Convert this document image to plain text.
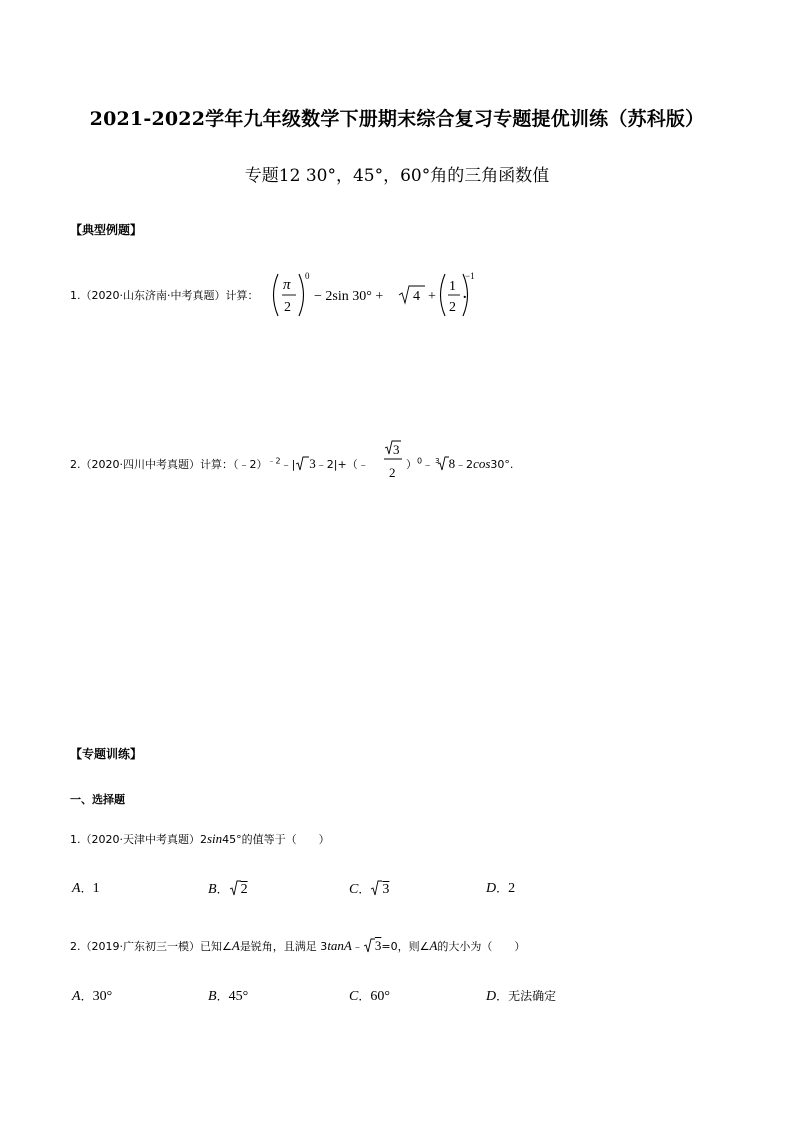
2021-2022学年九年级数学下册期末综合复习专题提优训练（苏科版）
专题12 30°，45°，60°角的三角函数值
【典型例题】
1.（2020·山东济南·中考真题）计算：
π
2
0
− 2sin 30° + 4 +
1
2
−1
.
2.（2020·四川中考真题）计算：（﹣2）$^{﹣2}$﹣| 3﹣2|+（﹣
3
2
）$^0$﹣ $^3$ 8﹣2cos30°.
【专题训练】
一、选择题
1.（2020·天津中考真题）2sin45°的值等于（　　）
A．1	B． 2	C． 3	D．2
2.（2019·广东初三一模）已知∠A是锐角，且满足 3tanA﹣ 3=0，则∠A的大小为（　　）
A．30°	B．45°	C．60°	D．无法确定
